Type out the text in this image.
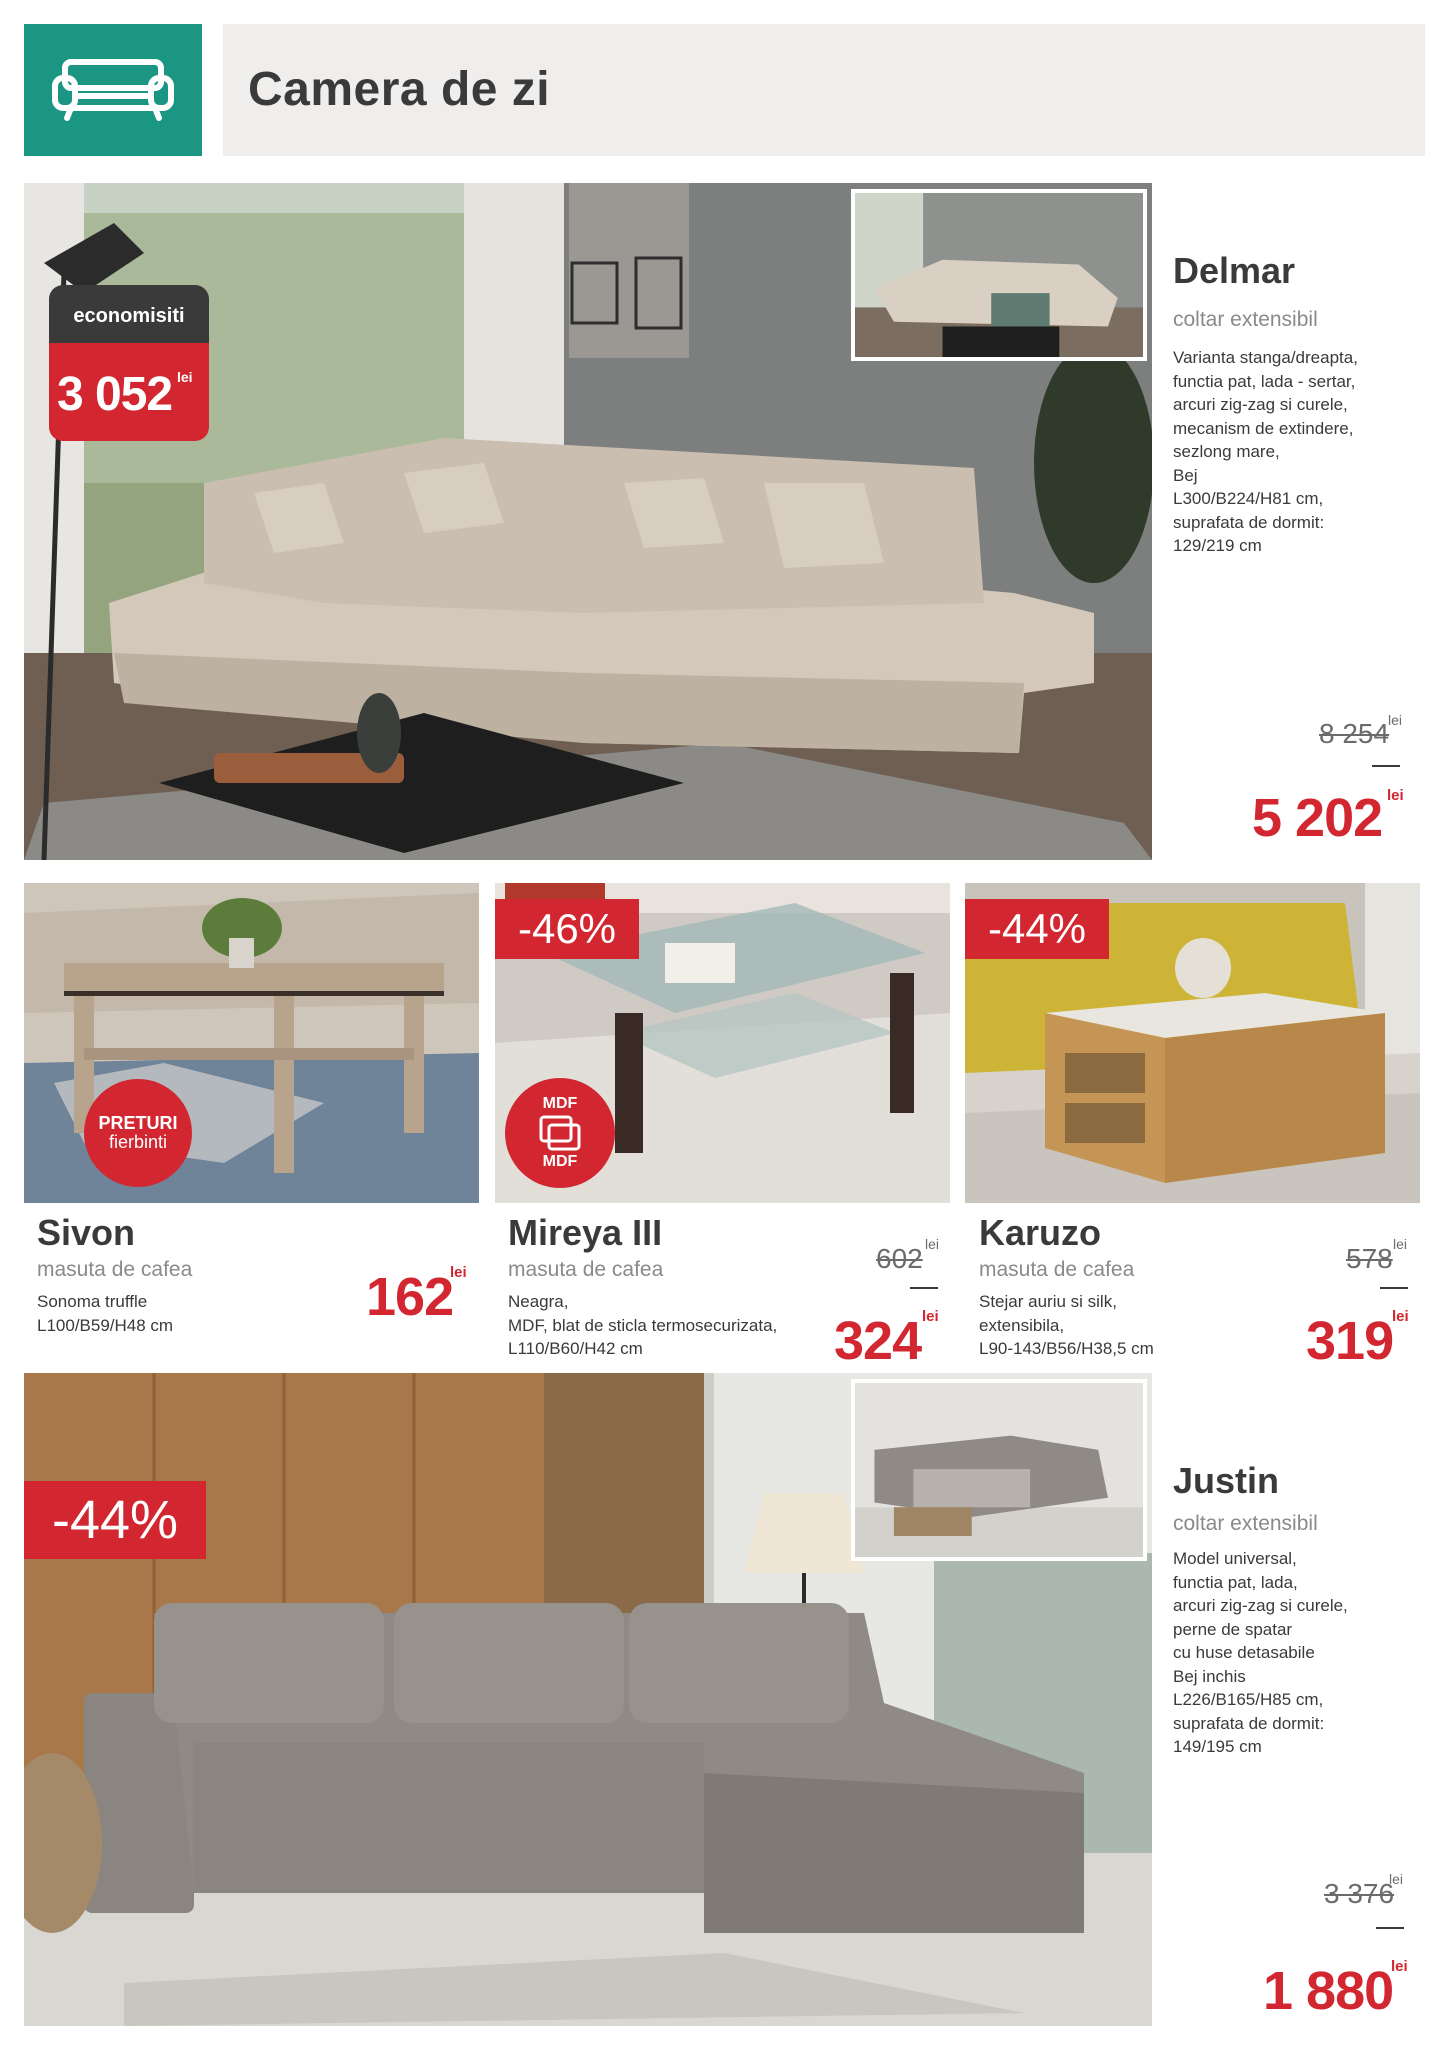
Camera de zi
economisiti
3 052 lei
Delmar
coltar extensibil
Varianta stanga/dreapta,
functia pat, lada - sertar,
arcuri zig-zag si curele,
mecanism de extindere,
sezlong mare,
Bej
L300/B224/H81 cm,
suprafata de dormit:
129/219 cm
8 254
lei
5 202 lei
PRETURI
fierbinti
Sivon
masuta de cafea
Sonoma truffle
L100/B59/H48 cm	162
lei
-46%
MDF
MDF
Mireya III
masuta de cafea
Neagra,
MDF, blat de sticla termosecurizata,
L110/B60/H42 cm
602 lei
324 lei
-44%
Karuzo
masuta de cafea
Stejar auriu si silk,
extensibila,
L90-143/B56/H38,5 cm
578 lei
319
lei
-44%
Justin
coltar extensibil
Model universal,
functia pat, lada,
arcuri zig-zag si curele,
perne de spatar
cu huse detasabile
Bej inchis
L226/B165/H85 cm,
suprafata de dormit:
149/195 cm
3 376
lei
1 880
lei
